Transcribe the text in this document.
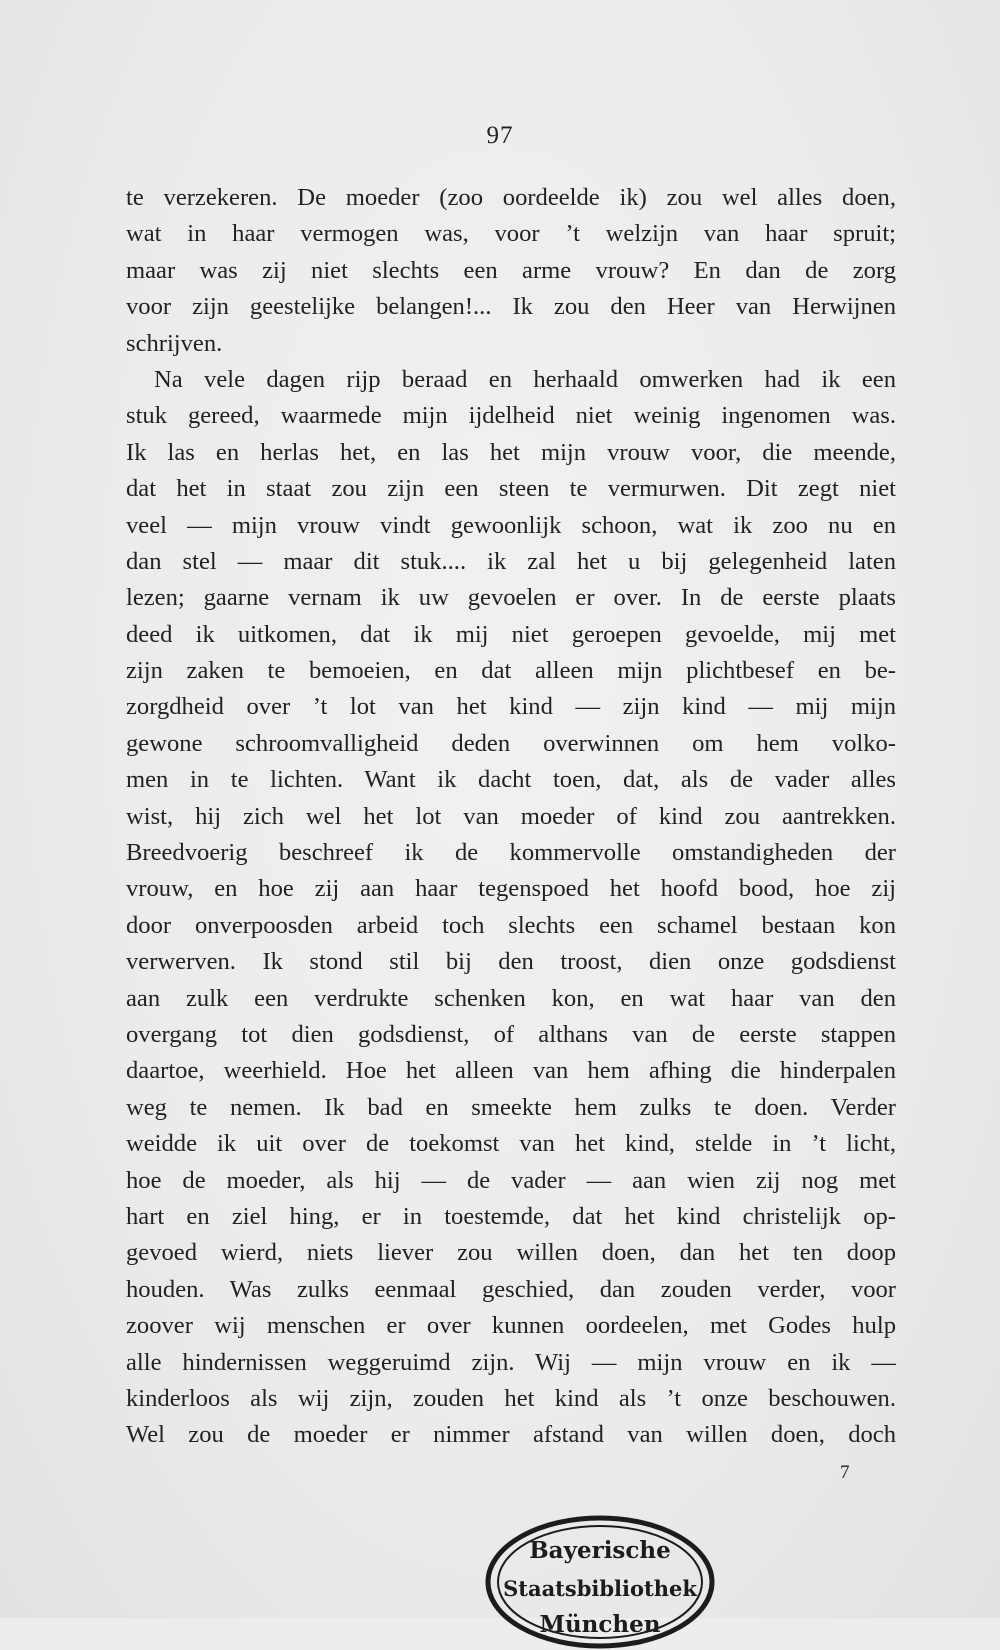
97
te verzekeren. De moeder (zoo oordeelde ik) zou wel alles doen,
wat in haar vermogen was, voor ’t welzijn van haar spruit;
maar was zij niet slechts een arme vrouw? En dan de zorg
voor zijn geestelijke belangen!... Ik zou den Heer van Herwijnen
schrijven.
Na vele dagen rijp beraad en herhaald omwerken had ik een
stuk gereed, waarmede mijn ijdelheid niet weinig ingenomen was.
Ik las en herlas het, en las het mijn vrouw voor, die meende,
dat het in staat zou zijn een steen te vermurwen. Dit zegt niet
veel — mijn vrouw vindt gewoonlijk schoon, wat ik zoo nu en
dan stel — maar dit stuk.... ik zal het u bij gelegenheid laten
lezen; gaarne vernam ik uw gevoelen er over. In de eerste plaats
deed ik uitkomen, dat ik mij niet geroepen gevoelde, mij met
zijn zaken te bemoeien, en dat alleen mijn plichtbesef en be-
zorgdheid over ’t lot van het kind — zijn kind — mij mijn
gewone schroomvalligheid deden overwinnen om hem volko-
men in te lichten. Want ik dacht toen, dat, als de vader alles
wist, hij zich wel het lot van moeder of kind zou aantrekken.
Breedvoerig beschreef ik de kommervolle omstandigheden der
vrouw, en hoe zij aan haar tegenspoed het hoofd bood, hoe zij
door onverpoosden arbeid toch slechts een schamel bestaan kon
verwerven. Ik stond stil bij den troost, dien onze godsdienst
aan zulk een verdrukte schenken kon, en wat haar van den
overgang tot dien godsdienst, of althans van de eerste stappen
daartoe, weerhield. Hoe het alleen van hem afhing die hinderpalen
weg te nemen. Ik bad en smeekte hem zulks te doen. Verder
weidde ik uit over de toekomst van het kind, stelde in ’t licht,
hoe de moeder, als hij — de vader — aan wien zij nog met
hart en ziel hing, er in toestemde, dat het kind christelijk op-
gevoed wierd, niets liever zou willen doen, dan het ten doop
houden. Was zulks eenmaal geschied, dan zouden verder, voor
zoover wij menschen er over kunnen oordeelen, met Godes hulp
alle hindernissen weggeruimd zijn. Wij — mijn vrouw en ik —
kinderloos als wij zijn, zouden het kind als ’t onze beschouwen.
Wel zou de moeder er nimmer afstand van willen doen, doch
7
Bayerische
Staatsbibliothek
München
